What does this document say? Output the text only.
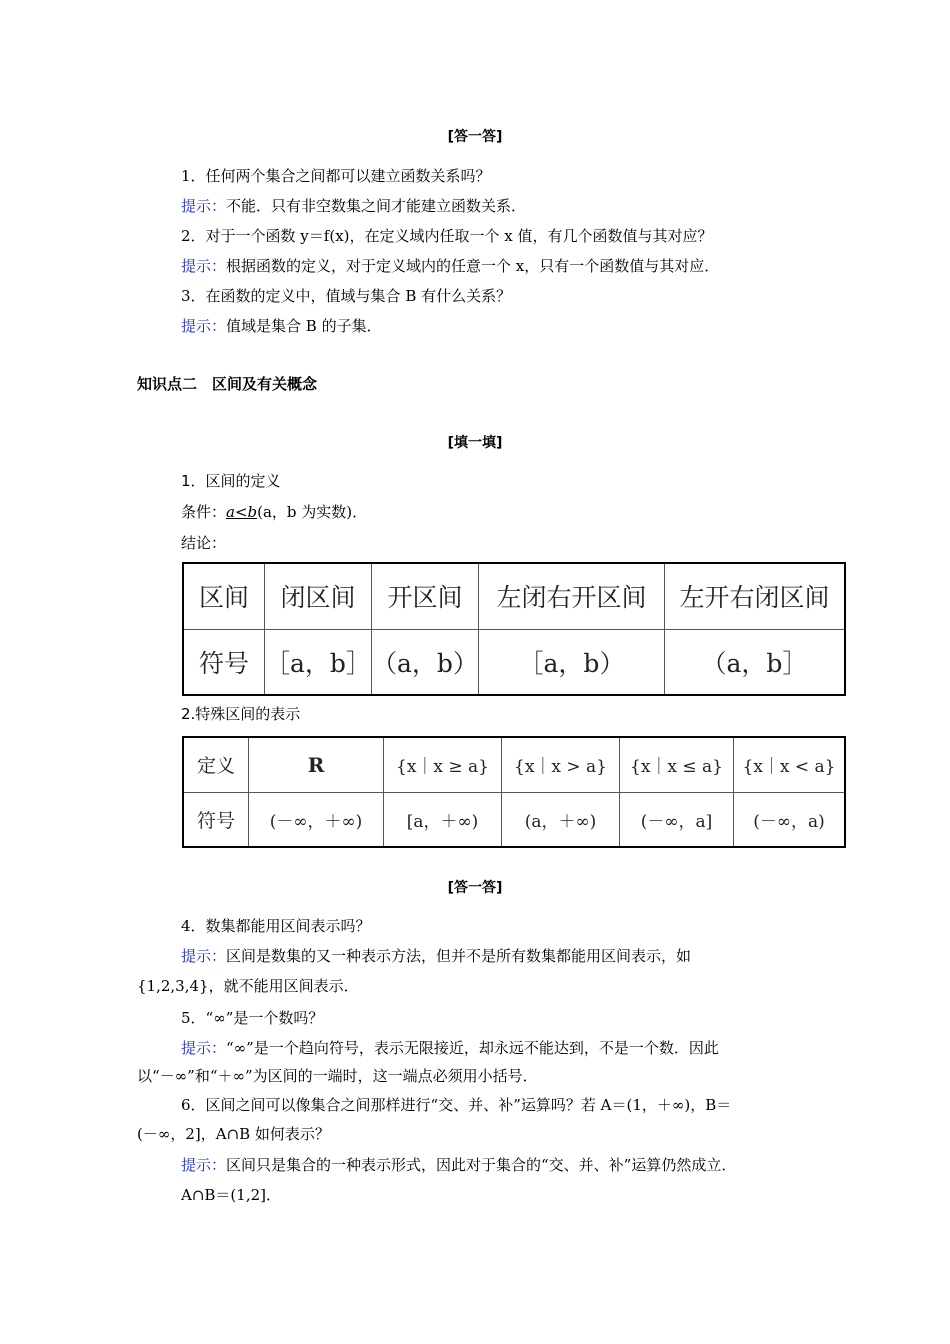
[答一答]
1．任何两个集合之间都可以建立函数关系吗？
提示：不能．只有非空数集之间才能建立函数关系．
2．对于一个函数 y＝f(x)，在定义域内任取一个 x 值，有几个函数值与其对应？
提示：根据函数的定义，对于定义域内的任意一个 x，只有一个函数值与其对应．
3．在函数的定义中，值域与集合 B 有什么关系？
提示：值域是集合 B 的子集．
知识点二　区间及有关概念
[填一填]
1．区间的定义
条件：a<b(a，b 为实数)．
结论：
区间	闭区间	开区间	左闭右开区间	左开右闭区间
符号	［a，b］	（a，b）	［a，b）	（a，b］
2.特殊区间的表示
定义	R	{x｜x ≥ a}	{x｜x > a}	{x｜x ≤ a}	{x｜x < a}
符号	(－∞，＋∞)	[a，＋∞)	(a，＋∞)	(－∞，a]	(－∞，a)
[答一答]
4．数集都能用区间表示吗？
提示：区间是数集的又一种表示方法，但并不是所有数集都能用区间表示，如
{1,2,3,4}，就不能用区间表示．
5．“∞”是一个数吗？
提示：“∞”是一个趋向符号，表示无限接近，却永远不能达到，不是一个数．因此
以“－∞”和“＋∞”为区间的一端时，这一端点必须用小括号．
6．区间之间可以像集合之间那样进行“交、并、补”运算吗？若 A＝(1，＋∞)，B＝
(－∞，2]，A∩B 如何表示？
提示：区间只是集合的一种表示形式，因此对于集合的“交、并、补”运算仍然成立．
A∩B＝(1,2]．
